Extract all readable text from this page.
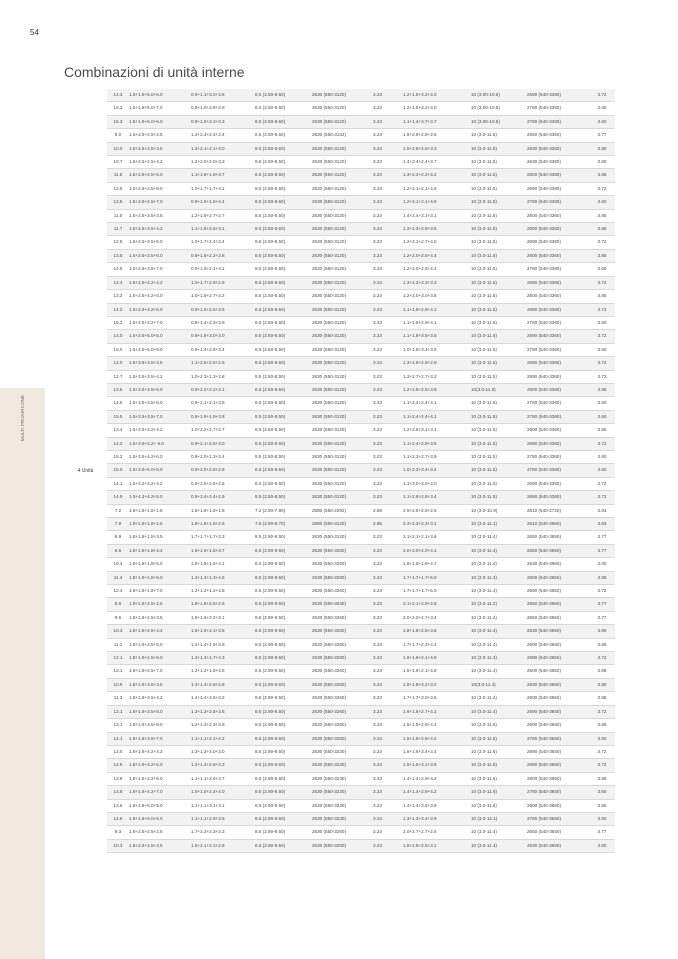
AIRCONE
MULTI PRO
54
Combinazioni di unità interne
4 Unità	14.3	1.5+1.8+5.0+6.0	0.9+1.1+3.0+3.6	8.5 (2.50-8.50)	2630 (550-3120)	3.23	1.2+1.5+3.2+4.0	10 (3.00-10.5)	2690 (540-3360)	3.72
	15.3	1.5+1.8+5.0+7.0	0.8+1.0+2.8+3.9	8.5 (2.50-8.50)	2630 (550-3120)	3.23	1.2+1.5+3.2+4.0	10 (3.00-10.5)	2780 (540-3360)	3.60
	15.3	1.5+1.8+6.0+6.0	0.8+1.0+3.3+3.3	8.5 (2.50-8.50)	2630 (550-3120)	3.23	1.1+1.4+3.7+3.7	10 (3.00-10.5)	2780 (540-3360)	3.60
	9.0	1.5+2.5+2.5+2.5	1.4+2.4+2.4+2.4	8.5 (2.50-8.50)	2630 (550-3132)	3.23	1.6+2.8+2.8+2.8	10 (3.0-11.5)	2650 (540-3360)	3.77
	10.0	1.5+2.5+2.5+3.5	1.3+2.1+2.1+3.0	8.5 (2.50-8.50)	2630 (550-3120)	3.23	1.5+2.6+2.6+3.3	10 (3.0-11.5)	2630 (540-3360)	3.80
	10.7	1.5+2.5+2.5+4.2	1.2+2.0+2.0+3.3	8.5 (2.50-8.50)	2630 (550-3120)	3.23	1.4+2.4+2.4+3.7	10 (3.0-11.5)	2630 (540-3360)	3.80
	11.5	1.5+2.5+2.5+5.0	1.1+1.8+1.8+3.7	8.5 (2.50-8.50)	2630 (550-3120)	3.23	1.3+2.2+2.2+4.2	10 (3.0-11.5)	2600 (540-3360)	3.85
	12.5	1.5+2.5+2.5+6.0	1.0+1.7+1.7+4.1	8.5 (2.50-8.50)	2630 (550-3120)	3.23	1.2+2.1+2.1+4.6	10 (3.0-11.5)	2690 (540-3360)	3.72
	13.5	1.5+2.5+2.5+7.0	0.9+1.6+1.6+4.4	8.5 (2.50-8.50)	2630 (550-3120)	3.23	1.2+2.1+2.1+4.6	10 (3.0-11.5)	2780 (540-3360)	3.60
	11.0	1.5+2.5+3.5+3.5	1.2+1.9+2.7+2.7	8.5 (2.50-8.50)	2630 (550-3120)	3.23	1.4+2.4+3.1+3.1	10 (3.0-11.5)	2600 (540-3360)	3.85
	11.7	1.5+2.5+3.5+4.2	1.1+1.8+2.5+3.1	8.5 (2.50-8.50)	2630 (550-3120)	3.23	1.3+2.3+2.9+3.5	10 (3.0-11.5)	2600 (540-3360)	3.85
	12.5	1.5+2.5+3.5+5.0	1.0+1.7+2.4+3.4	8.5 (2.50-8.50)	2630 (550-3120)	3.23	1.2+2.1+2.7+4.0	10 (3.0-11.5)	2690 (540-3360)	3.72
	13.5	1.5+2.5+3.5+6.0	0.9+1.6+2.2+3.8	8.5 (2.50-8.50)	2630 (550-3120)	3.23	1.2+2.0+2.5+4.4	10 (3.0-11.5)	2600 (540-3360)	3.85
	14.5	1.5+2.5+3.5+7.0	0.9+1.5+2.1+4.1	8.5 (2.50-8.50)	2630 (550-3120)	3.23	1.2+2.0+2.5+4.4	10 (3.0-11.5)	2780 (540-3360)	3.60
	12.4	1.5+2.5+4.2+4.2	1.0+1.7+2.9+2.9	8.5 (2.50-8.50)	2630 (550-3120)	3.23	1.3+2.2+3.3+3.3	10 (3.0-11.5)	2690 (540-3360)	3.72
	13.2	1.5+2.5+4.2+5.0	1.0+1.6+2.7+3.2	8.5 (2.50-8.50)	2630 (550-3120)	3.23	1.2+2.0+3.0+3.8	10 (3.0-11.5)	2600 (540-3360)	3.85
	14.2	1.5+2.5+4.2+6.0	0.9+1.5+2.5+3.6	8.5 (2.50-8.50)	2630 (550-3120)	3.23	1.1+1.9+2.9+4.1	10 (3.0-11.5)	2690 (540-3360)	3.72
	15.2	1.5+2.5+4.2+7.0	0.8+1.4+2.3+3.9	8.5 (2.50-8.50)	2630 (550-3120)	3.23	1.1+1.9+2.9+4.1	10 (3.0-11.5)	2780 (540-3360)	3.60
	14.0	1.5+2.5+5.0+5.0	0.9+1.5+3.0+3.0	8.5 (2.50-8.50)	2630 (550-3120)	3.23	1.1+1.8+3.5+3.5	10 (3.0-11.5)	2690 (540-3360)	3.72
	15.0	1.5+2.5+5.0+6.0	0.9+1.4+2.8+3.4	8.5 (2.50-8.50)	2630 (550-3120)	3.23	1.0+1.8+3.4+3.9	10 (3.0-11.5)	2780 (540-3360)	3.60
	12.0	1.5+3.5+3.5+3.5	1.1+2.5+2.5+2.5	8.5 (2.50-8.50)	2630 (550-3120)	3.23	1.3+2.9+2.9+2.9	10 (3.0-11.5)	2690 (540-3360)	3.72
	12.7	1.5+3.5+3.5+4.2	1.0+2.3+2.3+2.8	8.5 (2.50-8.50)	2630 (550-3120)	3.23	1.3+2.7+2.7+3.3	10 (3.0-11.5)	2690 (540-3360)	3.72
	13.5	1.5+3.5+3.5+5.0	0.9+2.2+2.2+3.1	8.5 (2.50-8.50)	2630 (550-3120)	3.23	1.2+2.5+2.5+3.8	10(3.0-11.5)	2600 (540-3360)	3.85
	14.5	1.5+3.5+3.5+6.0	0.9+2.1+2.1+3.5	8.5 (2.50-8.50)	2630 (550-3120)	3.23	1.1+2.4+2.4+4.1	10 (3.0-11.5)	2780 (540-3360)	3.60
	15.5	1.5+3.5+3.5+7.0	0.8+1.9+1.9+3.8	8.5 (2.50-8.50)	2630 (550-3120)	3.23	1.1+2.4+2.4+4.1	10 (3.0-11.5)	2780 (540-3360)	3.60
	13.4	1.5+3.5+4.2+4.2	1.0+2.2+2.7+2.7	8.5 (2.50-8.50)	2630 (550-3120)	3.23	1.2+2.6+3.1+3.1	10 (3.0-11.5)	2600 (540-3360)	3.85
	14.2	1.5+3.5+4.2+ 5.0	0.9+2.1+2.5+3.0	8.5 (2.50-8.50)	2630 (550-3120)	3.23	1.1+2.4+2.9+3.6	10 (3.0-11.5)	2690 (540-3360)	3.72
	15.2	1.5+3.5+4.2+6.0	0.8+2.0+2.3+3.4	8.5 (2.50-8.50)	2630 (550-3120)	3.23	1.1+2.3+2.7+3.9	10 (3.0-11.5)	2780 (540-3360)	3.60
	15.0	1.5+3.5+5.0+5.0	0.9+2.0+2.8+2.8	8.5 (2.50-8.50)	2630 (550-3120)	3.23	1.0+2.2+3.4+3.4	10 (3.0-11.5)	2780 (540-3360)	3.60
	14.1	1.5+4.2+4.2+4.2	0.9+2.5+2.5+2.5	8.5 (2.50-8.50)	2630 (550-3120)	3.23	1.1+3.0+3.0+3.0	10 (3.0-11.5)	2690 (540-3360)	3.72
	14.9	1.5+4.2+4.2+5.0	0.9+2.4+2.4+2.9	8.5 (2.50-8.50)	2630 (550-3120)	3.23	1.1+2.8+2.8+3.4	10 (3.0-11.5)	2690 (540-3360)	3.72
	7.2	1.8+1.8+1.8+1.8	1.8+1.8+1.8+1.8	7.2 (2.90-7.90)	2680 (550-2292)	2.69	2.5+2.5+2.5+2.5	10 (3.0-10.9)	2610 (540-2720)	3.83
	7.9	1.8+1.8+1.8+2.5	1.8+1.8+1.8+2.5	7.9 (2.90-8.70)	2680 (550-3120)	2.95	2.3+2.3+2.3+3.1	10 (3.0-11.1)	2610 (540-3650)	3.83
	8.9	1.8+1.8+1.8+3.5	1.7+1.7+1.7+3.3	8.5 (2.90-9.50)	2630 (550-3120)	3.23	2.1+2.1+2.1+3.6	10 (3.0-11.4)	2650 (540-3650)	3.77
	9.6	1.8+1.8+1.8+4.2	1.6+1.6+1.6+3.7	8.5 (2.90-9.50)	2630 (550-3260)	3.23	2.0+2.0+2.0+4.1	10 (3.0-11.4)	2650 (540-3650)	3.77
	10.4	1.8+1.8+1.8+5.0	1.5+1.5+1.5+4.1	8.5 (2.90-9.50)	2630 (550-3260)	3.23	1.8+1.8+1.8+4.7	10 (3.0-11.4)	2630 (540-3650)	3.80
	11.4	1.8+1.8+1.8+6.0	1.3+1.3+1.3+4.5	8.5 (2.90-9.50)	2630 (550-3260)	3.23	1.7+1.7+1.7+5.0	10 (3.0-11.4)	2600 (540-3650)	3.85
	12.4	1.8+1.8+1.8+7.0	1.2+1.2+1.2+4.8	8.5 (2.90-9.50)	2630 (550-3260)	3.23	1.7+1.7+1.7+5.0	10 (3.0-11.4)	2690 (540-3650)	3.72
	8.6	1.8+1.8+2.5+2.5	1.8+1.8+2.5+2.5	8.5 (2.90-9.50)	2630 (550-3040)	3.23	2.1+2.1+2.9+2.9	10 (3.0-11.2)	2650 (540-3650)	3.77
	9.6	1.8+1.8+2.5+3.5	1.6+1.6+2.2+3.1	8.5 (2.90-9.50)	2630 (550-3260)	3.23	2.0+2.0+2.7+3.4	10 (3.0-11.4)	2650 (540-3650)	3.77
	10.3	1.8+1.8+2.5+4.2	1.5+1.5+2.1+3.5	8.5 (2.90-9.50)	2630 (550-3260)	3.23	1.8+1.8+2.5+3.8	10 (3.0-11.4)	2630 (540-3650)	3.80
	11.1	1.8+1.8+2.5+5.0	1.4+1.4+1.9+3.9	8.5 (2.90-9.50)	2630 (550-3260)	3.23	1.7+1.7+2.3+4.4	10 (3.0-11.4)	2600 (540-3650)	3.85
	12.1	1.8+1.8+2.5+6.0	1.3+1.3+1.7+4.3	8.5 (2.90-9.50)	2630 (550-3260)	3.23	1.6+1.6+2.1+4.8	10 (3.0-11.4)	2690 (540-3650)	3.72
	13.1	1.8+1.8+2.5+7.0	1.2+1.2+1.6+4.6	8.5 (2.90-9.50)	2630 (550-3260)	3.23	1.6+1.6+2.1+4.8	10 (3.0-11.4)	2600 (540-3650)	3.85
	10.6	1.8+1.8+3.5+3.5	1.4+1.4+2.8+2.8	8.5 (2.90-9.50)	2630 (550-3260)	3.23	1.8+1.8+3.2+3.2	10(3.0-11.4)	2630 (540-3650)	3.80
	11.3	1.8+1.8+3.5+4.2	1.4+1.4+2.6+3.2	8.5 (2.90-9.50)	2630 (550-3260)	3.23	1.7+1.7+3.0+3.6	10 (3.0-11.4)	2600 (540-3650)	3.85
	12.1	1.8+1.8+3.5+5.0	1.3+1.3+2.5+3.5	8.5 (2.90-9.50)	2630 (550-3260)	3.23	1.6+1.6+2.7+4.1	10 (3.0-11.4)	2690 (540-3650)	3.72
	13.1	1.8+1.8+3.5+6.0	1.2+1.2+2.3+3.9	8.5 (2.90-9.50)	2630 (550-3260)	3.23	1.5+1.5+2.6+4.4	10 (3.0-11.6)	2600 (540-3650)	3.85
	14.1	1.8+1.8+3.5+7.0	1.1+1.1+2.1+4.2	8.5 (2.90-9.50)	2630 (550-3260)	3.23	1.5+1.5+2.6+4.4	10 (3.0-11.6)	2780 (540-3650)	3.60
	12.0	1.8+1.8+4.2+4.2	1.3+1.3+3.0+3.0	8.5 (2.90-9.50)	2630 (550-3230)	3.23	1.6+1.6+3.4+3.4	10 (3.0-11.6)	2690 (540-3650)	3.72
	12.8	1.8+1.8+4.2+5.0	1.2+1.2+2.8+3.3	8.5 (2.90-9.50)	2630 (550-3230)	3.23	1.5+1.5+3.1+3.9	10 (3.0-11.6)	2690 (540-3650)	3.72
	13.8	1.8+1.8+4.2+6.0	1.1+1.1+2.6+3.7	8.5 (2.90-9.50)	2630 (550-3230)	3.23	1.4+1.4+2.9+4.2	10 (3.0-11.6)	2600 (540-3650)	3.85
	14.8	1.8+1.8+4.2+7.0	1.0+1.0+2.4+4.0	8.5 (2.90-9.50)	2630 (550-3230)	3.23	1.4+1.4+2.9+4.2	10 (3.0-11.6)	2780 (540-3650)	3.60
	13.6	1.8+1.8+5.0+5.0	1.1+1.1+3.1+3.1	8.5 (2.90-9.50)	2630 (550-3230)	3.23	1.4+1.4+3.6+3.6	10 (3.0-11.6)	2600 (540-3650)	3.85
	14.6	1.8+1.8+5.0+6.0	1.1+1.1+2.9+3.5	8.5 (2.90-9.50)	2630 (550-3230)	3.23	1.3+1.3+3.4+3.9	10 (3.0-12.1)	2780 (540-3650)	3.60
	9.3	1.8+2.5+2.5+2.5	1.7+2.3+2.3+2.3	8.5 (2.90-9.50)	2630 (550-3260)	3.23	2.0+2.7+2.7+2.6	10 (3.0-11.4)	2650 (540-3650)	3.77
	10.3	1.8+2.5+2.5+3.5	1.5+2.1+2.1+2.8	8.5 (2.90-9.50)	2630 (550-3260)	3.23	1.8+2.5+2.5+3.1	10 (3.0-11.4)	2630 (540-3650)	3.80
